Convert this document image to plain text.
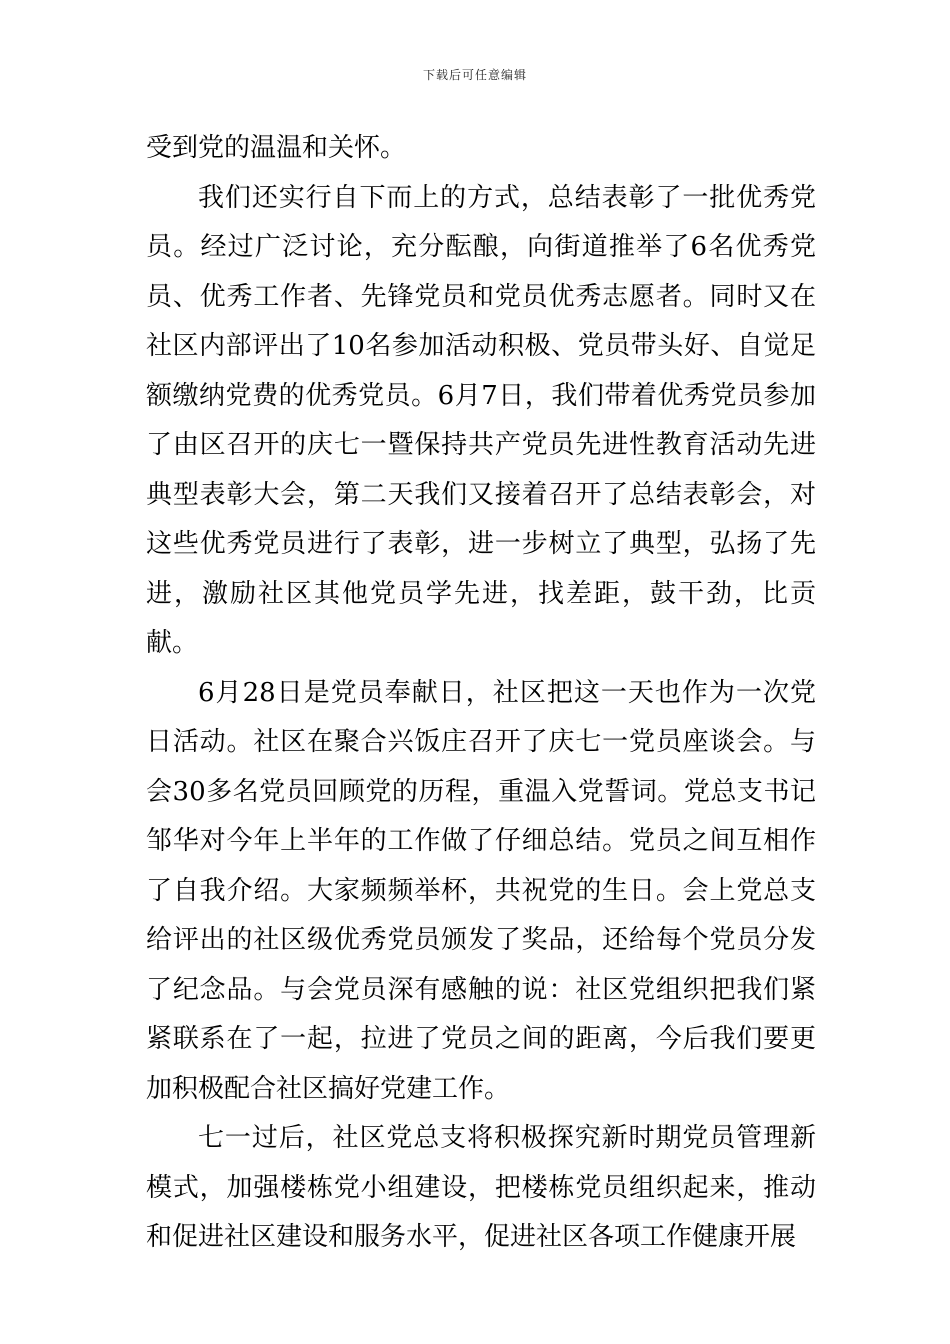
下载后可任意编辑

受到党的温温和关怀。

我们还实行自下而上的方式，总结表彰了一批优秀党员。经过广泛讨论，充分酝酿，向街道推举了6名优秀党员、优秀工作者、先锋党员和党员优秀志愿者。同时又在社区内部评出了10名参加活动积极、党员带头好、自觉足额缴纳党费的优秀党员。6月7日，我们带着优秀党员参加了由区召开的庆七一暨保持共产党员先进性教育活动先进典型表彰大会，第二天我们又接着召开了总结表彰会，对这些优秀党员进行了表彰，进一步树立了典型，弘扬了先进，激励社区其他党员学先进，找差距，鼓干劲，比贡献。

6月28日是党员奉献日，社区把这一天也作为一次党日活动。社区在聚合兴饭庄召开了庆七一党员座谈会。与会30多名党员回顾党的历程，重温入党誓词。党总支书记邹华对今年上半年的工作做了仔细总结。党员之间互相作了自我介绍。大家频频举杯，共祝党的生日。会上党总支给评出的社区级优秀党员颁发了奖品，还给每个党员分发了纪念品。与会党员深有感触的说：社区党组织把我们紧紧联系在了一起，拉进了党员之间的距离，今后我们要更加积极配合社区搞好党建工作。

七一过后，社区党总支将积极探究新时期党员管理新模式，加强楼栋党小组建设，把楼栋党员组织起来，推动和促进社区建设和服务水平，促进社区各项工作健康开展
